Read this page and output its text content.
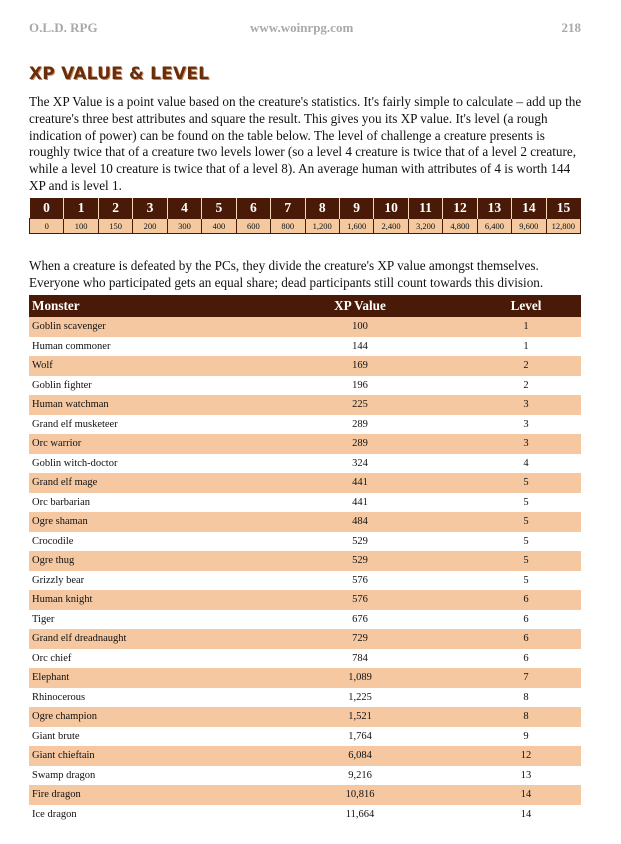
O.L.D. RPG	www.woinrpg.com	218
XP VALUE & LEVEL

The XP Value is a point value based on the creature's statistics. It's fairly simple to calculate – add up the creature's three best attributes and square the result. This gives you its XP value. It's level (a rough indication of power) can be found on the table below. The level of challenge a creature presents is roughly twice that of a creature two levels lower (so a level 4 creature is twice that of a level 2 creature, while a level 10 creature is twice that of a level 8). An average human with attributes of 4 is worth 144 XP and is level 1.

0	1	2	3	4	5	6	7	8	9	10	11	12	13	14	15
0	100	150	200	300	400	600	800	1,200	1,600	2,400	3,200	4,800	6,400	9,600	12,800

When a creature is defeated by the PCs, they divide the creature's XP value amongst themselves. Everyone who participated gets an equal share; dead participants still count towards this division.

Monster	XP Value	Level
Goblin scavenger	100	1
Human commoner	144	1
Wolf	169	2
Goblin fighter	196	2
Human watchman	225	3
Grand elf musketeer	289	3
Orc warrior	289	3
Goblin witch-doctor	324	4
Grand elf mage	441	5
Orc barbarian	441	5
Ogre shaman	484	5
Crocodile	529	5
Ogre thug	529	5
Grizzly bear	576	5
Human knight	576	6
Tiger	676	6
Grand elf dreadnaught	729	6
Orc chief	784	6
Elephant	1,089	7
Rhinocerous	1,225	8
Ogre champion	1,521	8
Giant brute	1,764	9
Giant chieftain	6,084	12
Swamp dragon	9,216	13
Fire dragon	10,816	14
Ice dragon	11,664	14
